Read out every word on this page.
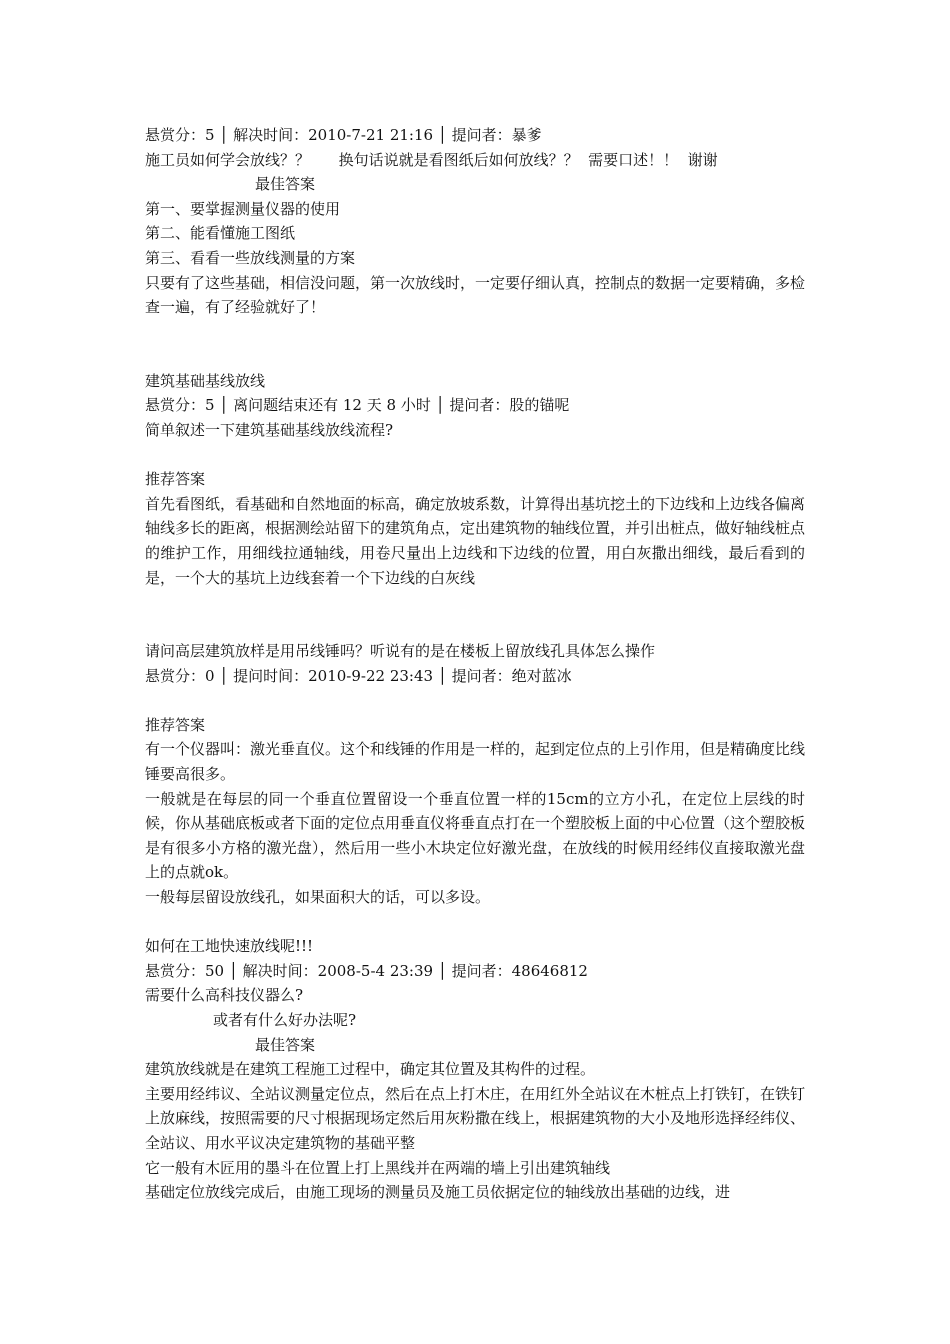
悬赏分：5 │ 解决时间：2010-7-21 21:16 │ 提问者：暴爹
施工员如何学会放线？？      换句话说就是看图纸后如何放线？？  需要口述！！  谢谢
最佳答案
第一、要掌握测量仪器的使用
第二、能看懂施工图纸
第三、看看一些放线测量的方案
只要有了这些基础，相信没问题，第一次放线时，一定要仔细认真，控制点的数据一定要精确，多检查一遍，有了经验就好了！
建筑基础基线放线
悬赏分：5 │ 离问题结束还有 12 天 8 小时 │ 提问者：股的锚呢
简单叙述一下建筑基础基线放线流程?
推荐答案
首先看图纸，看基础和自然地面的标高，确定放坡系数，计算得出基坑挖土的下边线和上边线各偏离轴线多长的距离，根据测绘站留下的建筑角点，定出建筑物的轴线位置，并引出桩点，做好轴线桩点的维护工作，用细线拉通轴线，用卷尺量出上边线和下边线的位置，用白灰撒出细线，最后看到的是，一个大的基坑上边线套着一个下边线的白灰线
请问高层建筑放样是用吊线锤吗？听说有的是在楼板上留放线孔具体怎么操作
悬赏分：0 │ 提问时间：2010-9-22 23:43 │ 提问者：绝对蓝冰
推荐答案
有一个仪器叫：激光垂直仪。这个和线锤的作用是一样的，起到定位点的上引作用，但是精确度比线锤要高很多。
一般就是在每层的同一个垂直位置留设一个垂直位置一样的15cm的立方小孔，在定位上层线的时候，你从基础底板或者下面的定位点用垂直仪将垂直点打在一个塑胶板上面的中心位置（这个塑胶板是有很多小方格的激光盘），然后用一些小木块定位好激光盘，在放线的时候用经纬仪直接取激光盘上的点就ok。
一般每层留设放线孔，如果面积大的话，可以多设。
如何在工地快速放线呢!!!
悬赏分：50 │ 解决时间：2008-5-4 23:39 │ 提问者：48646812
需要什么高科技仪器么?
或者有什么好办法呢?
最佳答案
建筑放线就是在建筑工程施工过程中，确定其位置及其构件的过程。
主要用经纬议、全站议测量定位点，然后在点上打木庄，在用红外全站议在木桩点上打铁钉，在铁钉上放麻线，按照需要的尺寸根据现场定然后用灰粉撒在线上，根据建筑物的大小及地形选择经纬仪、全站议、用水平议决定建筑物的基础平整
它一般有木匠用的墨斗在位置上打上黑线并在两端的墙上引出建筑轴线
基础定位放线完成后，由施工现场的测量员及施工员依据定位的轴线放出基础的边线，进
